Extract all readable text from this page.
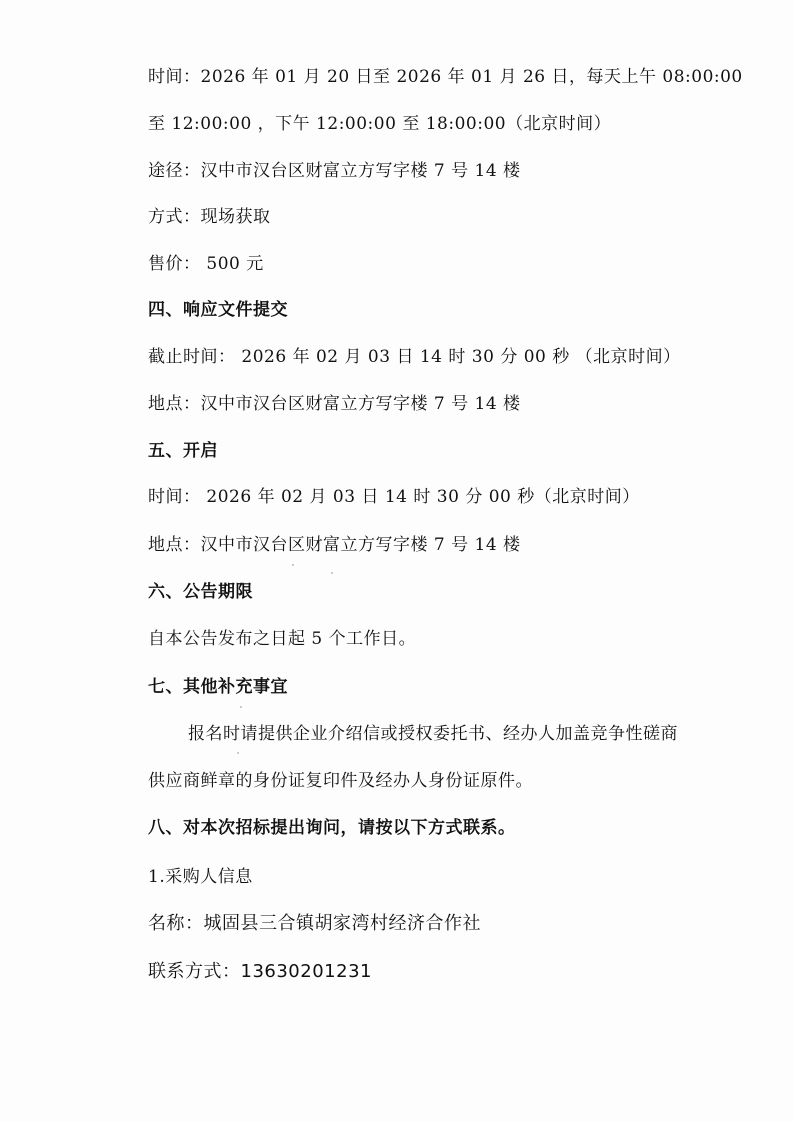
时间：2026 年 01 月 20 日至 2026 年 01 月 26 日，每天上午 08:00:00
至 12:00:00 ，下午 12:00:00 至 18:00:00（北京时间）
途径：汉中市汉台区财富立方写字楼 7 号 14 楼
方式：现场获取
售价： 500 元
四、响应文件提交
截止时间： 2026 年 02 月 03 日 14 时 30 分 00 秒 （北京时间）
地点：汉中市汉台区财富立方写字楼 7 号 14 楼
五、开启
时间： 2026 年 02 月 03 日 14 时 30 分 00 秒（北京时间）
地点：汉中市汉台区财富立方写字楼 7 号 14 楼
六、公告期限
自本公告发布之日起 5 个工作日。
七、其他补充事宜
报名时请提供企业介绍信或授权委托书、经办人加盖竞争性磋商
供应商鲜章的身份证复印件及经办人身份证原件。
八、对本次招标提出询问，请按以下方式联系。
1.采购人信息
名称：城固县三合镇胡家湾村经济合作社
联系方式：13630201231
